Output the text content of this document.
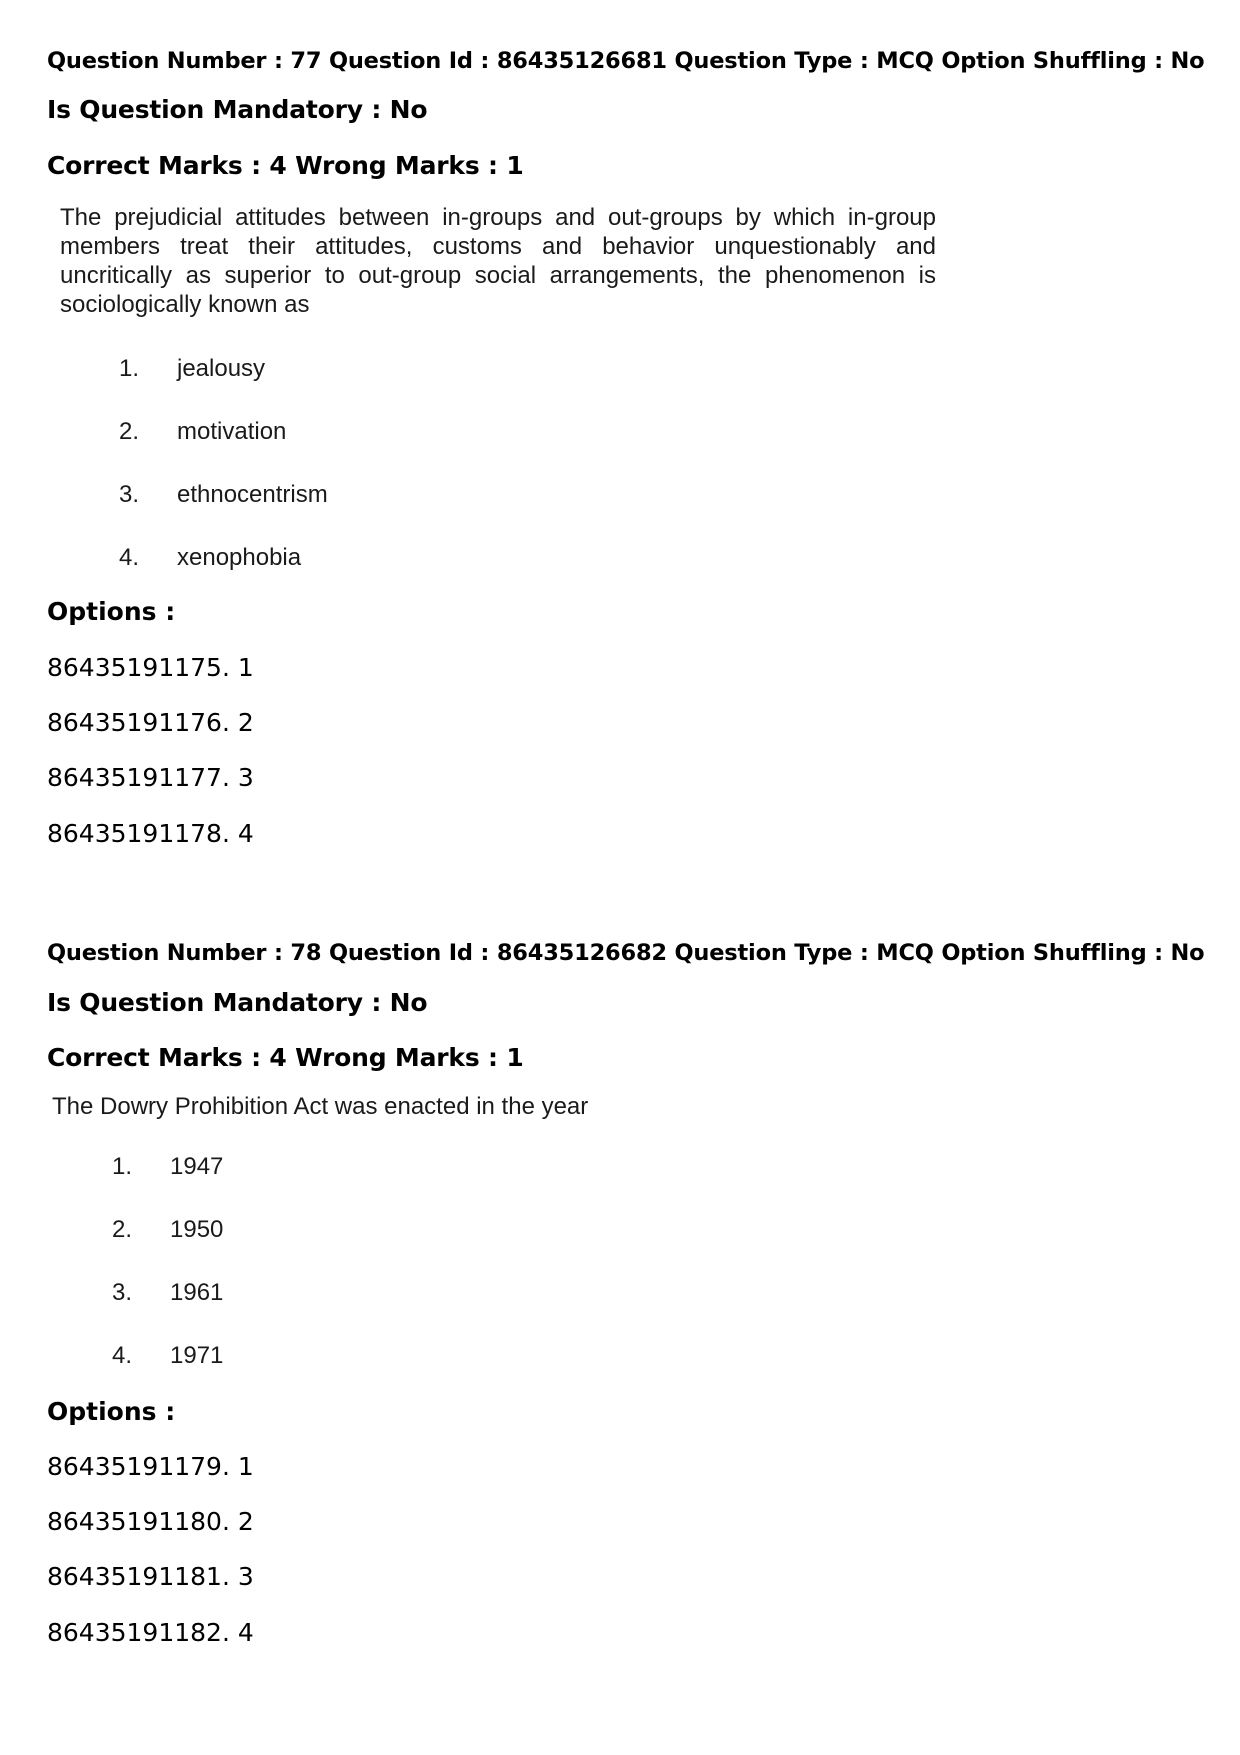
Question Number : 77 Question Id : 86435126681 Question Type : MCQ Option Shuffling : No
Is Question Mandatory : No
Correct Marks : 4 Wrong Marks : 1
The prejudicial attitudes between in-groups and out-groups by which in-group members treat their attitudes, customs and behavior unquestionably and uncritically as superior to out-group social arrangements, the phenomenon is sociologically known as
1. jealousy
2. motivation
3. ethnocentrism
4. xenophobia
Options :
86435191175. 1
86435191176. 2
86435191177. 3
86435191178. 4
Question Number : 78 Question Id : 86435126682 Question Type : MCQ Option Shuffling : No
Is Question Mandatory : No
Correct Marks : 4 Wrong Marks : 1
The Dowry Prohibition Act was enacted in the year
1. 1947
2. 1950
3. 1961
4. 1971
Options :
86435191179. 1
86435191180. 2
86435191181. 3
86435191182. 4
